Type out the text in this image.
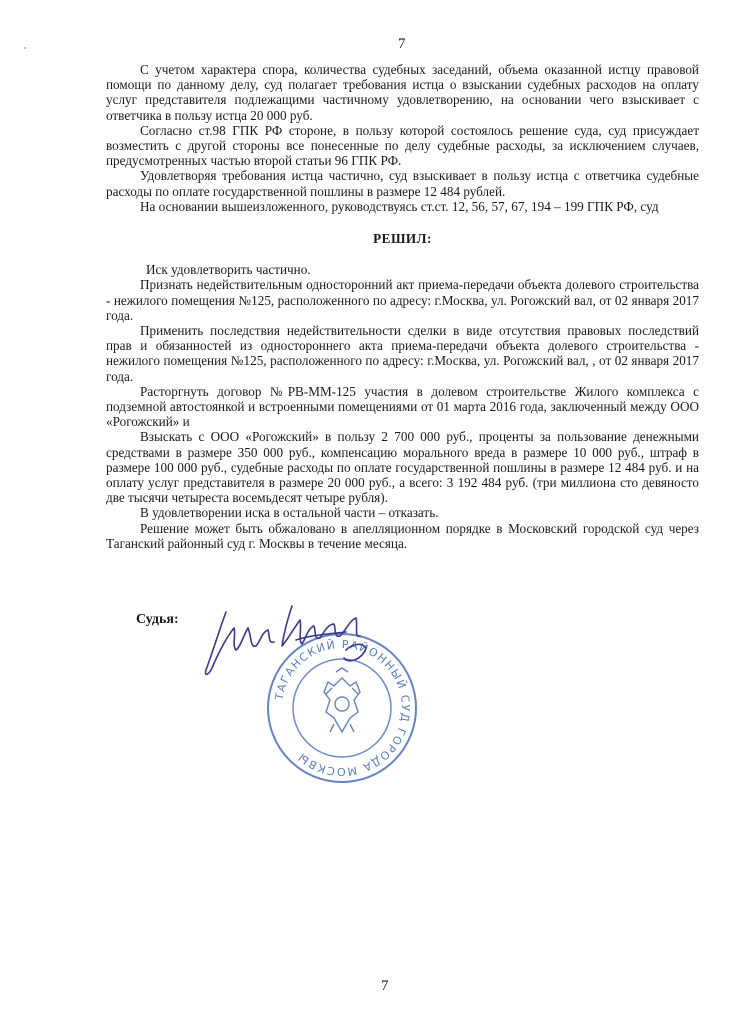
7

С учетом характера спора, количества судебных заседаний, объема оказанной истцу правовой помощи по данному делу, суд полагает требования истца о взыскании судебных расходов на оплату услуг представителя подлежащими частичному удовлетворению, на основании чего взыскивает с ответчика в пользу истца 20 000 руб.

Согласно ст.98 ГПК РФ стороне, в пользу которой состоялось решение суда, суд присуждает возместить с другой стороны все понесенные по делу судебные расходы, за исключением случаев, предусмотренных частью второй статьи 96 ГПК РФ.

Удовлетворяя требования истца частично, суд взыскивает в пользу истца с ответчика судебные расходы по оплате государственной пошлины в размере 12 484 рублей.

На основании вышеизложенного, руководствуясь ст.ст. 12, 56, 57, 67, 194 – 199 ГПК РФ, суд

РЕШИЛ:

Иск удовлетворить частично.

Признать недействительным односторонний акт приема-передачи объекта долевого строительства - нежилого помещения №125, расположенного по адресу: г.Москва, ул. Рогожский вал, от 02 января 2017 года.

Применить последствия недействительности сделки в виде отсутствия правовых последствий прав и обязанностей из одностороннего акта приема-передачи объекта долевого строительства - нежилого помещения №125, расположенного по адресу: г.Москва, ул. Рогожский вал, , от 02 января 2017 года.

Расторгнуть договор №РВ-ММ-125 участия в долевом строительстве Жилого комплекса с подземной автостоянкой и встроенными помещениями от 01 марта 2016 года, заключенный между ООО «Рогожский» и

Взыскать с ООО «Рогожский» в пользу 2 700 000 руб., проценты за пользование денежными средствами в размере 350 000 руб., компенсацию морального вреда в размере 10 000 руб., штраф в размере 100 000 руб., судебные расходы по оплате государственной пошлины в размере 12 484 руб. и на оплату услуг представителя в размере 20 000 руб., а всего: 3 192 484 руб. (три миллиона сто девяносто две тысячи четыреста восемьдесят четыре рубля).

В удовлетворении иска в остальной части – отказать.

Решение может быть обжаловано в апелляционном порядке в Московский городской суд через Таганский районный суд г. Москвы в течение месяца.

Судья:
ТАГАНСКИЙ РАЙОННЫЙ СУД ГОРОДА МОСКВЫ
7
